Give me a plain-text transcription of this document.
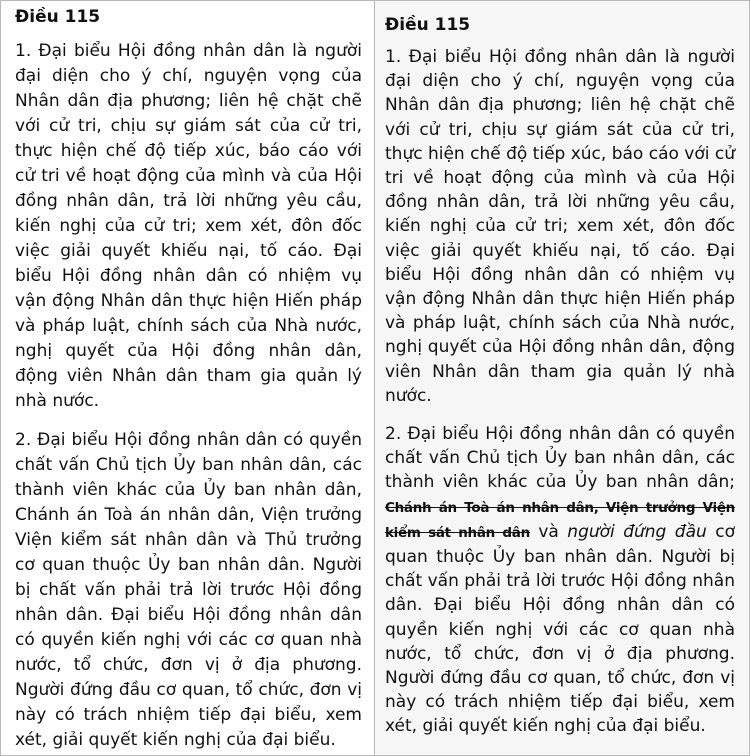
Điều 115

1. Đại biểu Hội đồng nhân dân là người đại diện cho ý chí, nguyện vọng của Nhân dân địa phương; liên hệ chặt chẽ với cử tri, chịu sự giám sát của cử tri, thực hiện chế độ tiếp xúc, báo cáo với cử tri về hoạt động của mình và của Hội đồng nhân dân, trả lời những yêu cầu, kiến nghị của cử tri; xem xét, đôn đốc việc giải quyết khiếu nại, tố cáo. Đại biểu Hội đồng nhân dân có nhiệm vụ vận động Nhân dân thực hiện Hiến pháp và pháp luật, chính sách của Nhà nước, nghị quyết của Hội đồng nhân dân, động viên Nhân dân tham gia quản lý nhà nước.

2. Đại biểu Hội đồng nhân dân có quyền chất vấn Chủ tịch Ủy ban nhân dân, các thành viên khác của Ủy ban nhân dân, Chánh án Toà án nhân dân, Viện trưởng Viện kiểm sát nhân dân và Thủ trưởng cơ quan thuộc Ủy ban nhân dân. Người bị chất vấn phải trả lời trước Hội đồng nhân dân. Đại biểu Hội đồng nhân dân có quyền kiến nghị với các cơ quan nhà nước, tổ chức, đơn vị ở địa phương. Người đứng đầu cơ quan, tổ chức, đơn vị này có trách nhiệm tiếp đại biểu, xem xét, giải quyết kiến nghị của đại biểu.

Điều 115

1. Đại biểu Hội đồng nhân dân là người đại diện cho ý chí, nguyện vọng của Nhân dân địa phương; liên hệ chặt chẽ với cử tri, chịu sự giám sát của cử tri, thực hiện chế độ tiếp xúc, báo cáo với cử tri về hoạt động của mình và của Hội đồng nhân dân, trả lời những yêu cầu, kiến nghị của cử tri; xem xét, đôn đốc việc giải quyết khiếu nại, tố cáo. Đại biểu Hội đồng nhân dân có nhiệm vụ vận động Nhân dân thực hiện Hiến pháp và pháp luật, chính sách của Nhà nước, nghị quyết của Hội đồng nhân dân, động viên Nhân dân tham gia quản lý nhà nước.

2. Đại biểu Hội đồng nhân dân có quyền chất vấn Chủ tịch Ủy ban nhân dân, các thành viên khác của Ủy ban nhân dân; Chánh án Toà án nhân dân, Viện trưởng Viện kiểm sát nhân dân và người đứng đầu cơ quan thuộc Ủy ban nhân dân. Người bị chất vấn phải trả lời trước Hội đồng nhân dân. Đại biểu Hội đồng nhân dân có quyền kiến nghị với các cơ quan nhà nước, tổ chức, đơn vị ở địa phương. Người đứng đầu cơ quan, tổ chức, đơn vị này có trách nhiệm tiếp đại biểu, xem xét, giải quyết kiến nghị của đại biểu.
